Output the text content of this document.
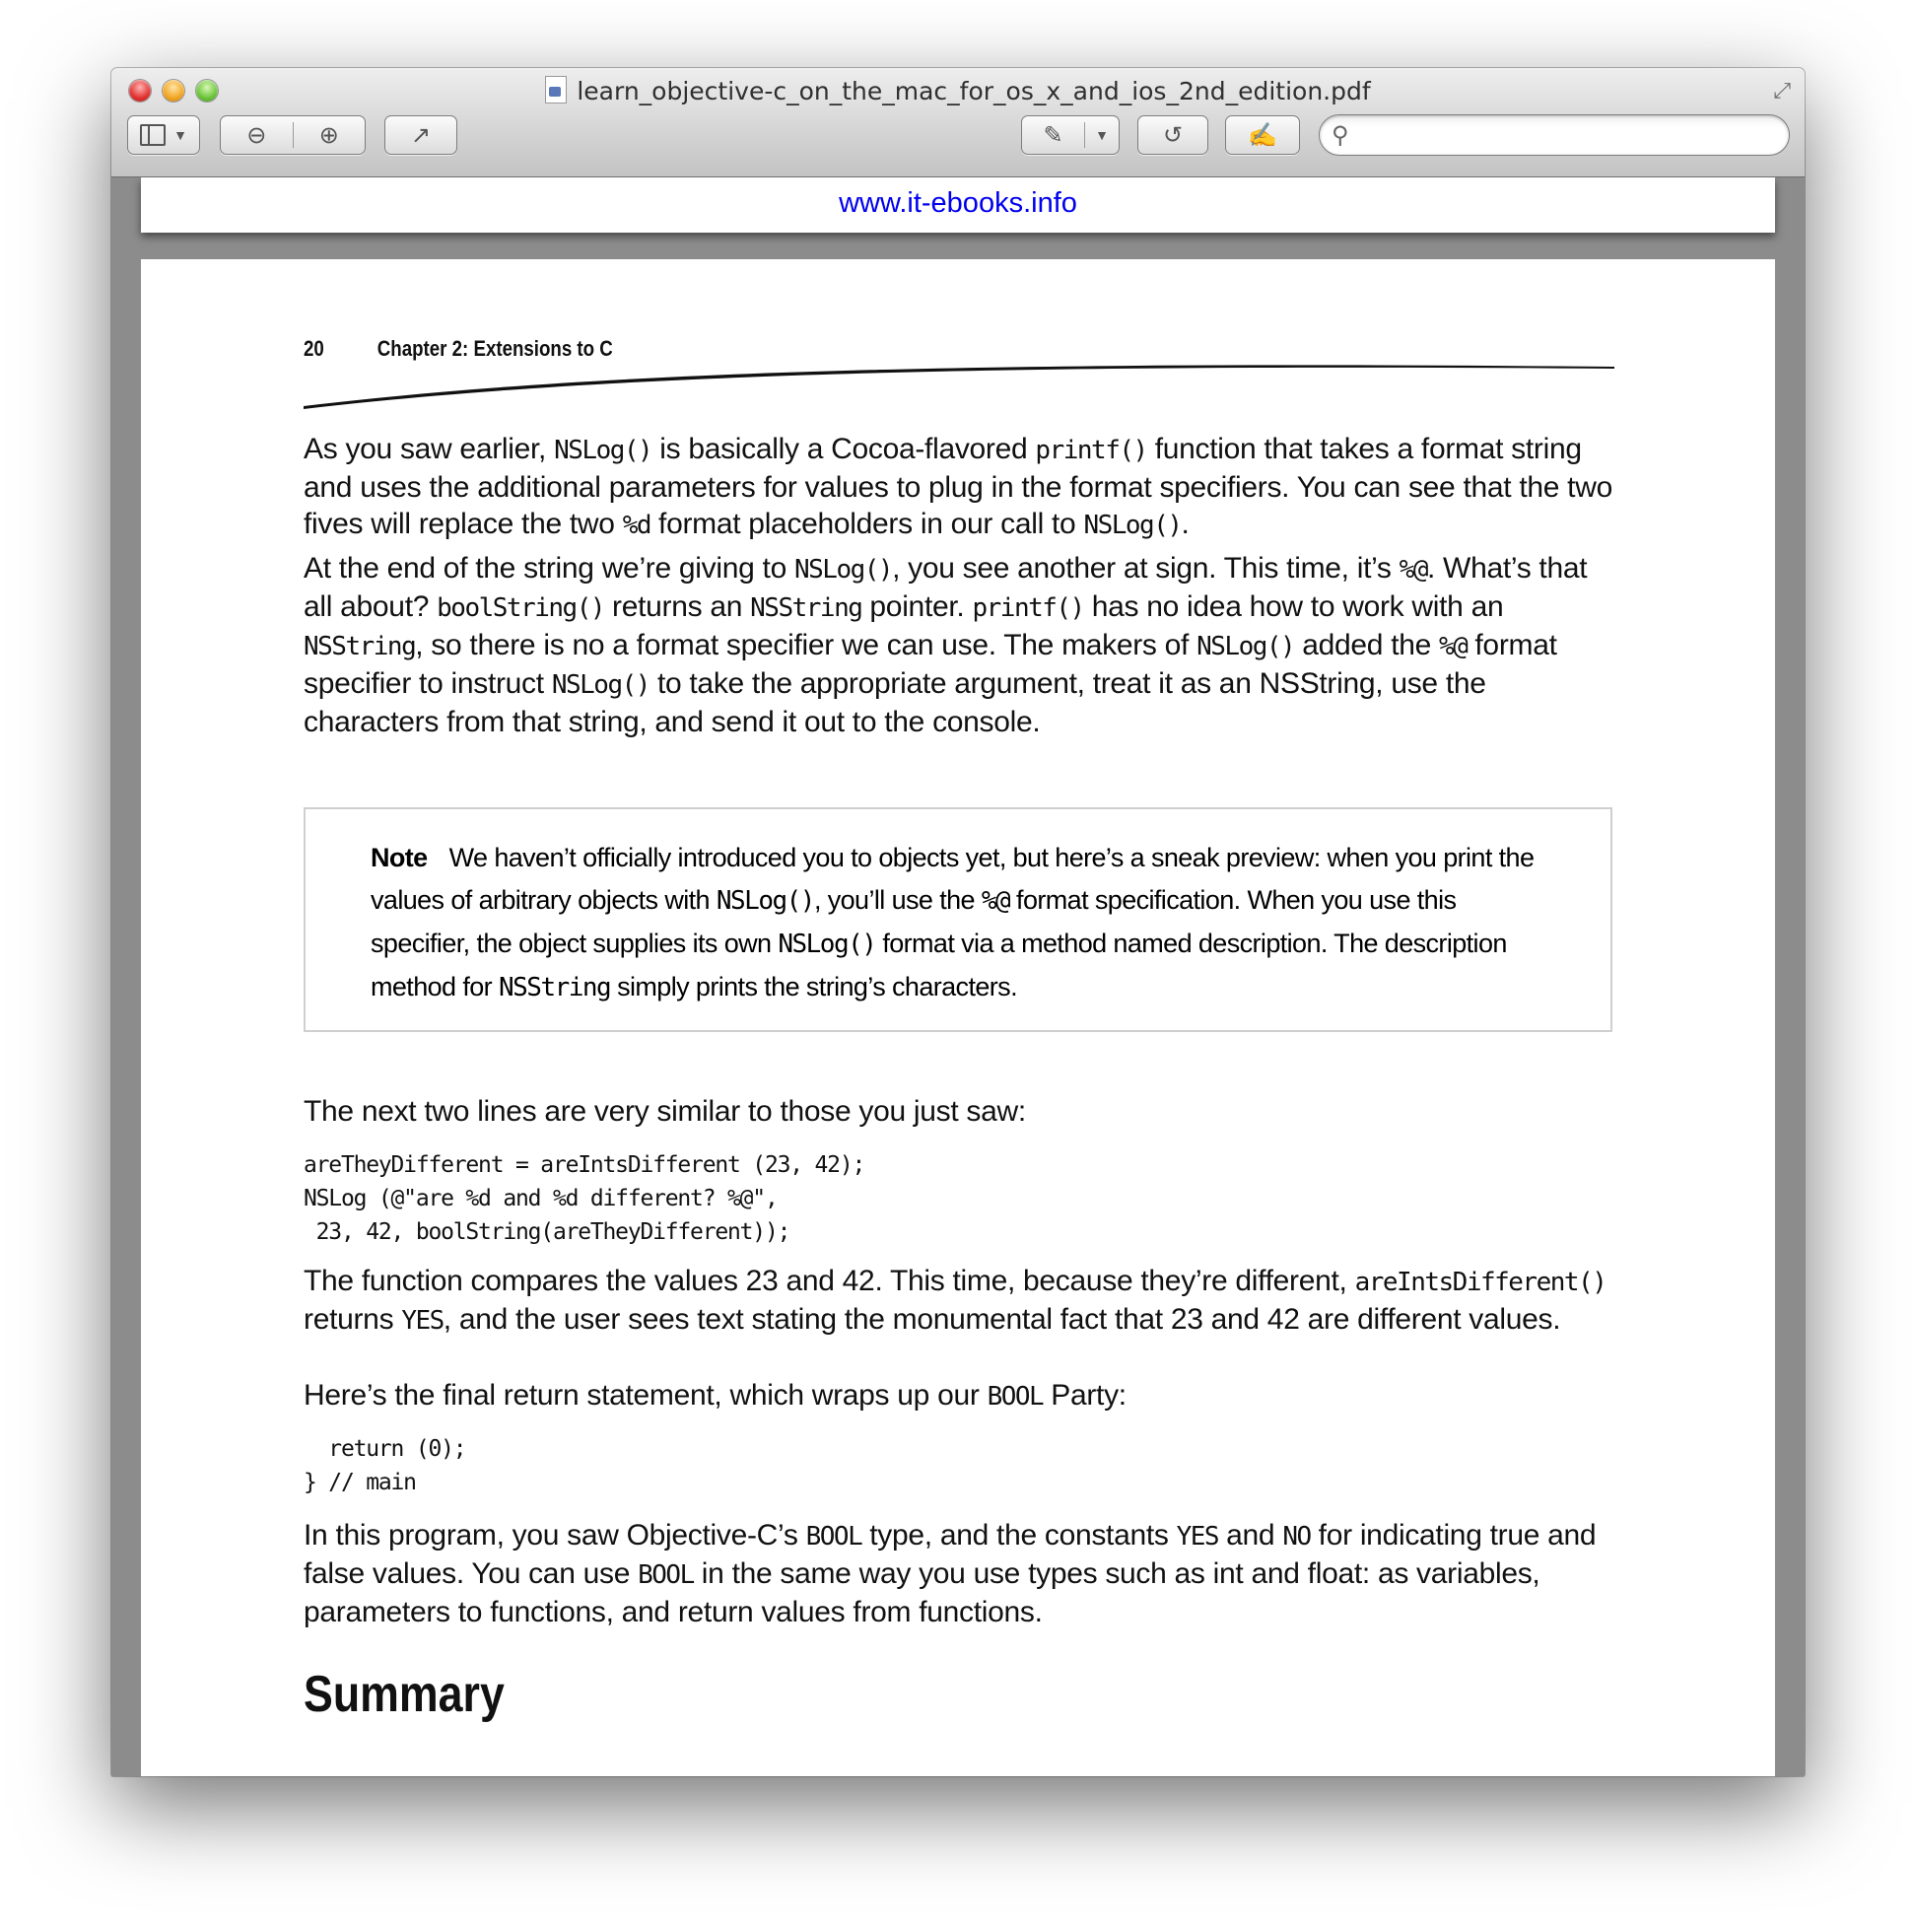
learn_objective-c_on_the_mac_for_os_x_and_ios_2nd_edition.pdf	⤢
▼	⊖ ⊕	↗	✎ ▼ ↺	✍ ⚲
www.it-ebooks.info
20 Chapter 2: Extensions to C

As you saw earlier, NSLog() is basically a Cocoa-flavored printf() function that takes a format string and uses the additional parameters for values to plug in the format specifiers. You can see that the two fives will replace the two %d format placeholders in our call to NSLog().

At the end of the string we’re giving to NSLog(), you see another at sign. This time, it’s %@. What’s that all about? boolString() returns an NSString pointer. printf() has no idea how to work with an NSString, so there is no a format specifier we can use. The makers of NSLog() added the %@ format specifier to instruct NSLog() to take the appropriate argument, treat it as an NSString, use the characters from that string, and send it out to the console.

Note We haven’t officially introduced you to objects yet, but here’s a sneak preview: when you print the values of arbitrary objects with NSLog(), you’ll use the %@ format specification. When you use this specifier, the object supplies its own NSLog() format via a method named description. The description method for NSString simply prints the string’s characters.

The next two lines are very similar to those you just saw:

areTheyDifferent = areIntsDifferent (23, 42);
NSLog (@"are %d and %d different? %@",
23, 42, boolString(areTheyDifferent));

The function compares the values 23 and 42. This time, because they’re different, areIntsDifferent() returns YES, and the user sees text stating the monumental fact that 23 and 42 are different values.

Here’s the final return statement, which wraps up our BOOL Party:

return (0);
} // main

In this program, you saw Objective-C’s BOOL type, and the constants YES and NO for indicating true and false values. You can use BOOL in the same way you use types such as int and float: as variables, parameters to functions, and return values from functions.

Summary
